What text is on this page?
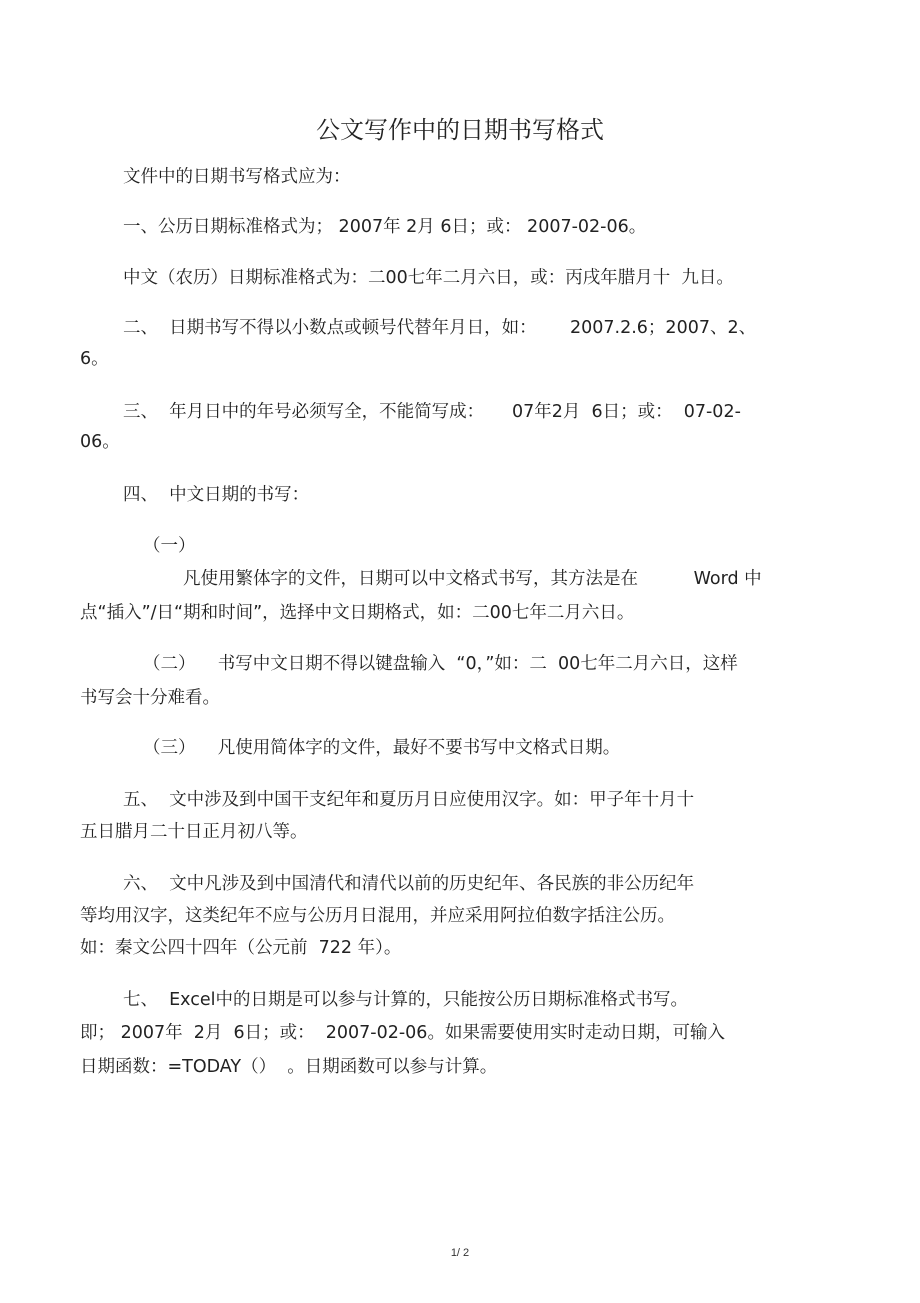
公文写作中的日期书写格式
文件中的日期书写格式应为：
一、公历日期标准格式为； 2007年 2月 6日；或： 2007-02-06。
中文（农历）日期标准格式为：二00七年二月六日，或：丙戌年腊月十  九日。
二、  日期书写不得以小数点或顿号代替年月日，如：      2007.2.6；2007、2、
6。
三、  年月日中的年号必须写全，不能简写成：     07年2月  6日；或：  07-02-
06。
四、  中文日期的书写：
（一）
凡使用繁体字的文件，日期可以中文格式书写，其方法是在          Word 中
点“插入”/日“期和时间”，选择中文日期格式，如：二00七年二月六日。
（二）    书写中文日期不得以键盘输入  “0，”如：二  00七年二月六日，这样
书写会十分难看。
（三）    凡使用简体字的文件，最好不要书写中文格式日期。
五、  文中涉及到中国干支纪年和夏历月日应使用汉字。如：甲子年十月十
五日腊月二十日正月初八等。
六、  文中凡涉及到中国清代和清代以前的历史纪年、各民族的非公历纪年
等均用汉字，这类纪年不应与公历月日混用，并应采用阿拉伯数字括注公历。
如：秦文公四十四年（公元前  722 年）。
七、  Excel中的日期是可以参与计算的，只能按公历日期标准格式书写。
即； 2007年  2月  6日；或：  2007-02-06。如果需要使用实时走动日期，可输入
日期函数：=TODAY（）  。日期函数可以参与计算。
1/ 2
